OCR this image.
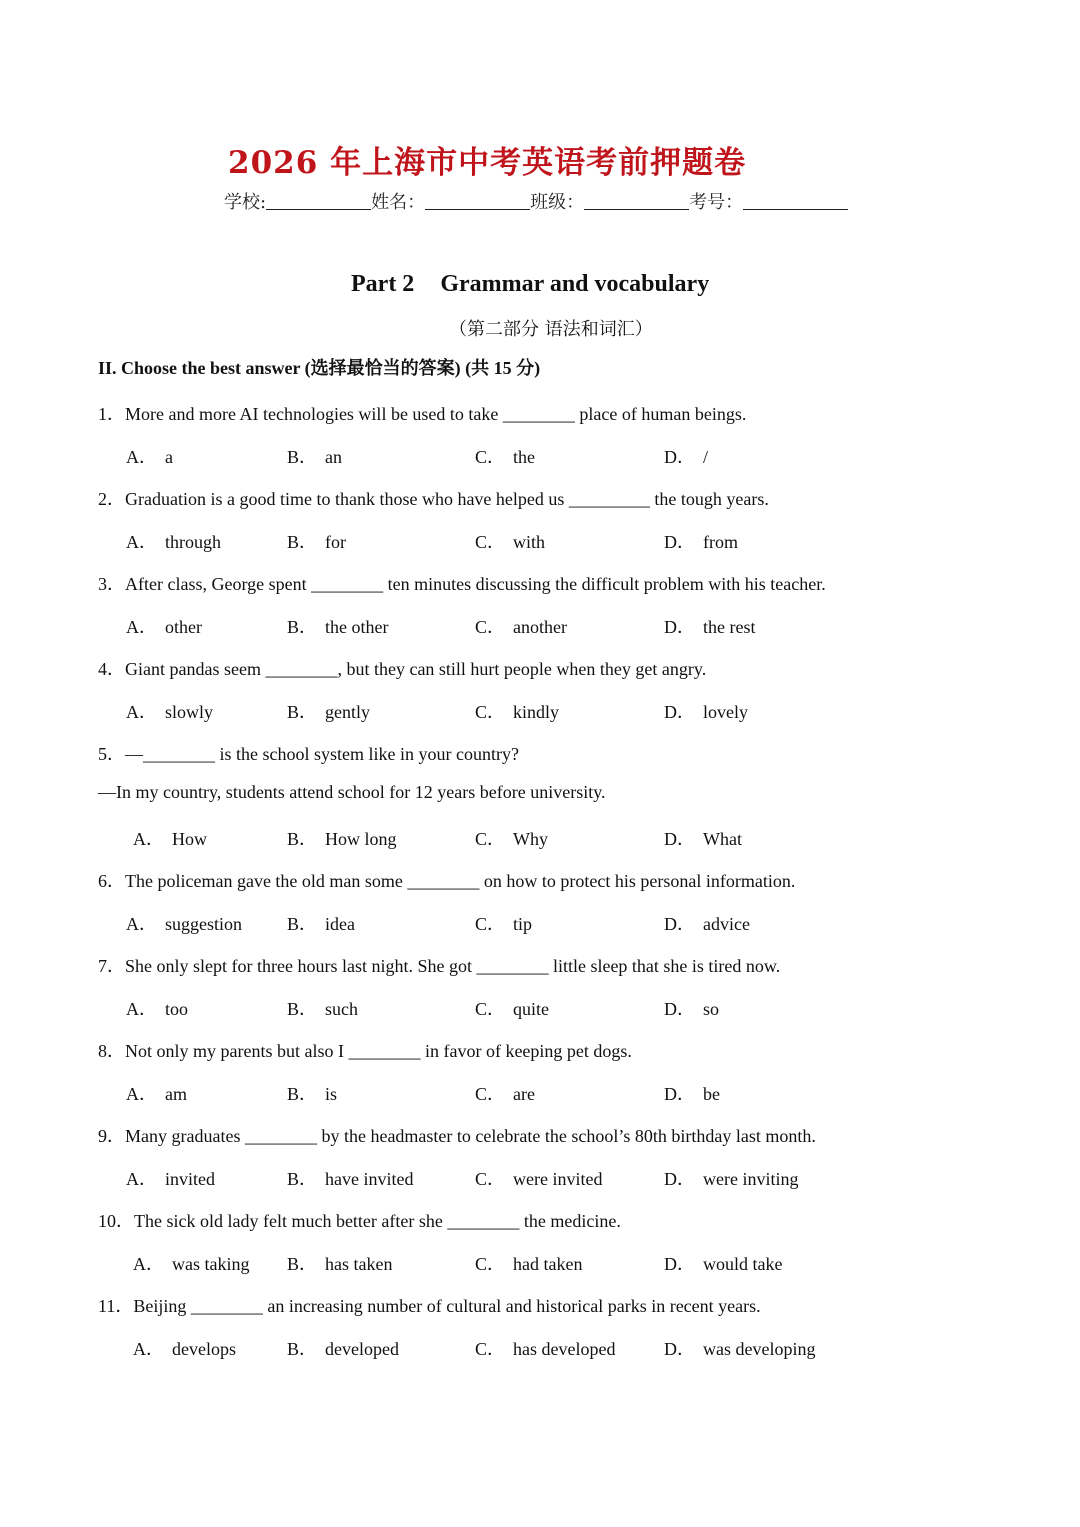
2026 年上海市中考英语考前押题卷
学校:	姓名：	班级：	考号：
Part 2 Grammar and vocabulary
（第二部分 语法和词汇）
II. Choose the best answer (选择最恰当的答案) (共 15 分)
1．More and more AI technologies will be used to take ________ place of human beings.
A． a	B． an	C． the	D． /
2．Graduation is a good time to thank those who have helped us _________ the tough years.
A． through	B． for	C． with	D． from
3．After class, George spent ________ ten minutes discussing the difficult problem with his teacher.
A． other	B． the other	C． another	D． the rest
4．Giant pandas seem ________, but they can still hurt people when they get angry.
A． slowly	B． gently	C． kindly	D． lovely
5．—________ is the school system like in your country?
—In my country, students attend school for 12 years before university.
A． How	B． How long	C． Why	D． What
6．The policeman gave the old man some ________ on how to protect his personal information.
A． suggestion B． idea	C． tip	D． advice
7．She only slept for three hours last night. She got ________ little sleep that she is tired now.
A． too	B． such	C． quite	D． so
8．Not only my parents but also I ________ in favor of keeping pet dogs.
A． am	B． is	C． are	D． be
9．Many graduates ________ by the headmaster to celebrate the school’s 80th birthday last month.
A． invited	B． have invited	C． were invited	D． were inviting
10．The sick old lady felt much better after she ________ the medicine.
A． was taking B． has taken	C． had taken	D． would take
11．Beijing ________ an increasing number of cultural and historical parks in recent years.
A． develops	B． developed	C． has developed	D． was developing
